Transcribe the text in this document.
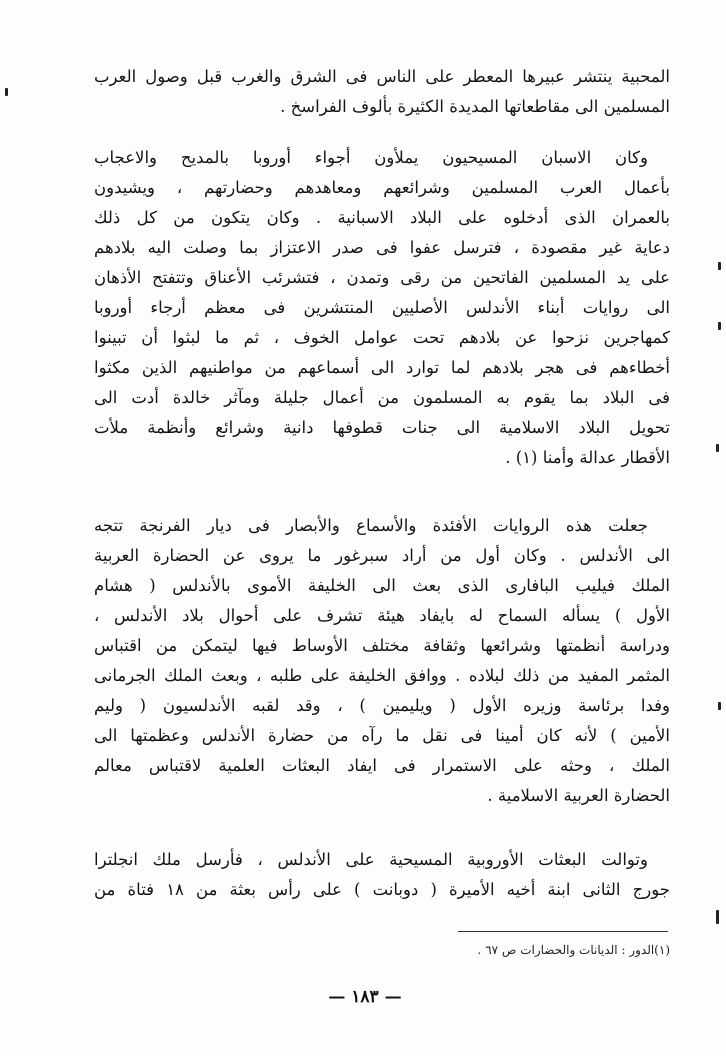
المحبية ينتشر عبيرها المعطر على الناس فى الشرق والغرب قبل وصول العرب
المسلمين الى مقاطعاتها المديدة الكثيرة بألوف الفراسخ .
وكان الاسبان المسيحيون يملأون أجواء أوروبا بالمديح والاعجاب
بأعمال العرب المسلمين وشرائعهم ومعاهدهم وحضارتهم ، ويشيدون
بالعمران الذى أدخلوه على البلاد الاسبانية . وكان يتكون من كل ذلك
دعاية غير مقصودة ، فترسل عفوا فى صدر الاعتزاز بما وصلت اليه بلادهم
على يد المسلمين الفاتحين من رقى وتمدن ، فتشرئب الأعناق وتتفتح الأذهان
الى روايات أبناء الأندلس الأصليين المنتشرين فى معظم أرجاء أوروبا
كمهاجرين نزحوا عن بلادهم تحت عوامل الخوف ، ثم ما لبثوا أن تبينوا
أخطاءهم فى هجر بلادهم لما توارد الى أسماعهم من مواطنيهم الذين مكثوا
فى البلاد بما يقوم به المسلمون من أعمال جليلة ومآثر خالدة أدت الى
تحويل البلاد الاسلامية الى جنات قطوفها دانية وشرائع وأنظمة ملأت
الأقطار عدالة وأمنا (١) .
جعلت هذه الروايات الأفئدة والأسماع والأبصار فى ديار الفرنجة تتجه
الى الأندلس . وكان أول من أراد سبرغور ما يروى عن الحضارة العربية
الملك فيليب البافارى الذى بعث الى الخليفة الأموى بالأندلس ( هشام
الأول ) يسأله السماح له بايفاد هيئة تشرف على أحوال بلاد الأندلس ،
ودراسة أنظمتها وشرائعها وثقافة مختلف الأوساط فيها ليتمكن من اقتباس
المثمر المفيد من ذلك لبلاده . ووافق الخليفة على طلبه ، وبعث الملك الجرمانى
وفدا برئاسة وزيره الأول ( ويليمين ) ، وقد لقبه الأندلسيون ( وليم
الأمين ) لأنه كان أمينا فى نقل ما رآه من حضارة الأندلس وعظمتها الى
الملك ، وحثه على الاستمرار فى ايفاد البعثات العلمية لاقتباس معالم
الحضارة العربية الاسلامية .
وتوالت البعثات الأوروبية المسيحية على الأندلس ، فأرسل ملك انجلترا
جورج الثانى ابنة أخيه الأميرة ( دوبانت ) على رأس بعثة من ١٨ فتاة من
(١)الدور : الديانات والحضارات ص ٦٧ .
— ١٨٣ —
